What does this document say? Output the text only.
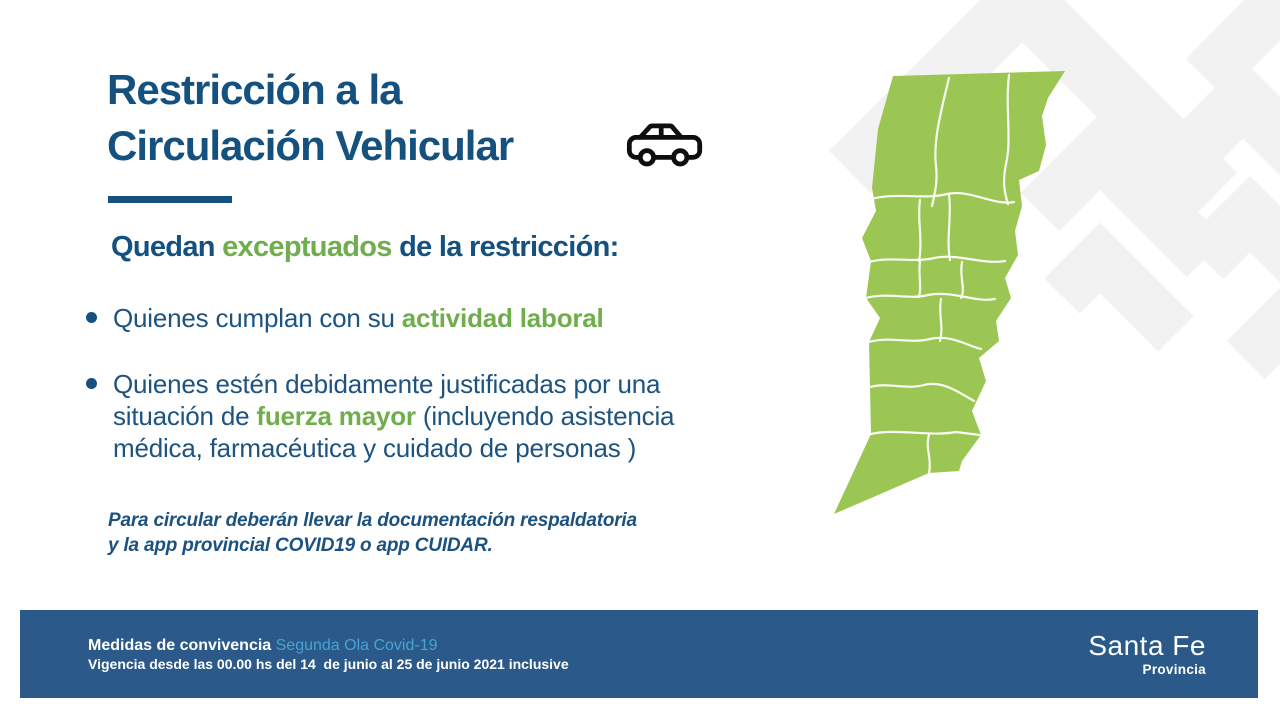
Restricción a la
Circulación Vehicular
Quedan exceptuados de la restricción:
Quienes cumplan con su actividad laboral
Quienes estén debidamente justificadas por una
situación de fuerza mayor (incluyendo asistencia
médica, farmacéutica y cuidado de personas )
Para circular deberán llevar la documentación respaldatoria
y la app provincial COVID19 o app CUIDAR.
Medidas de convivencia Segunda Ola Covid-19
Vigencia desde las 00.00 hs del 14  de junio al 25 de junio 2021 inclusive
Santa Fe
Provincia
